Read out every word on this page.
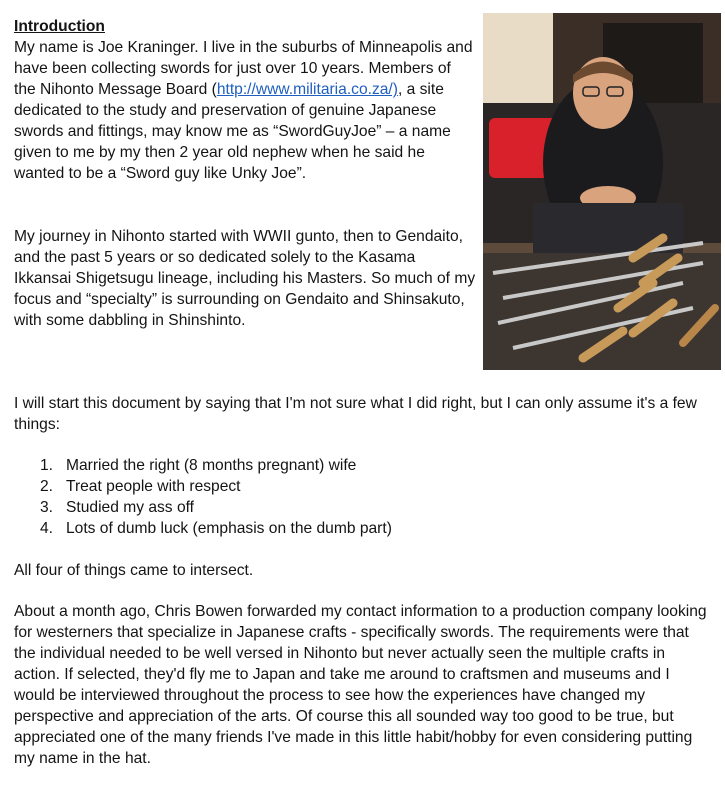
Introduction
My name is Joe Kraninger. I live in the suburbs of Minneapolis and have been collecting swords for just over 10 years. Members of the Nihonto Message Board (http://www.militaria.co.za/), a site dedicated to the study and preservation of genuine Japanese swords and fittings, may know me as “SwordGuyJoe” – a name given to me by my then 2 year old nephew when he said he wanted to be a “Sword guy like Unky Joe”.
My journey in Nihonto started with WWII gunto, then to Gendaito, and the past 5 years or so dedicated solely to the Kasama Ikkansai Shigetsugu lineage, including his Masters. So much of my focus and “specialty” is surrounding on Gendaito and Shinsakuto, with some dabbling in Shinshinto.
I will start this document by saying that I'm not sure what I did right, but I can only assume it's a few things:
1. Married the right (8 months pregnant) wife
2. Treat people with respect
3. Studied my ass off
4. Lots of dumb luck (emphasis on the dumb part)
All four of things came to intersect.
About a month ago, Chris Bowen forwarded my contact information to a production company looking for westerners that specialize in Japanese crafts - specifically swords. The requirements were that the individual needed to be well versed in Nihonto but never actually seen the multiple crafts in action. If selected, they'd fly me to Japan and take me around to craftsmen and museums and I would be interviewed throughout the process to see how the experiences have changed my perspective and appreciation of the arts. Of course this all sounded way too good to be true, but appreciated one of the many friends I've made in this little habit/hobby for even considering putting my name in the hat.
